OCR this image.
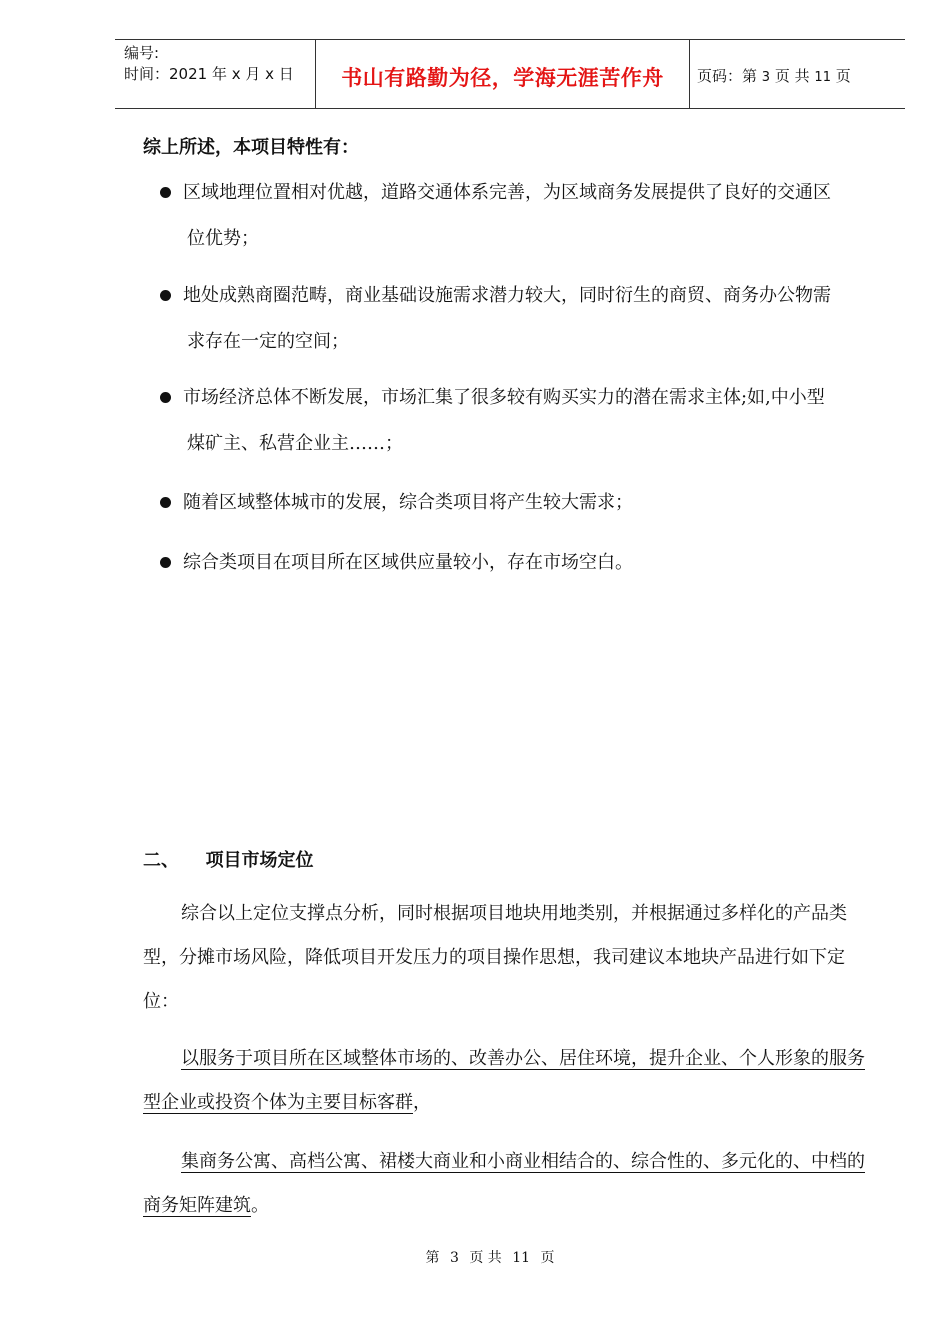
编号:
时间：2021 年 x 月 x 日	书山有路勤为径，学海无涯苦作舟	页码：第 3 页 共 11 页
综上所述，本项目特性有：
区域地理位置相对优越，道路交通体系完善，为区域商务发展提供了良好的交通区
位优势；
地处成熟商圈范畴，商业基础设施需求潜力较大，同时衍生的商贸、商务办公物需
求存在一定的空间；
市场经济总体不断发展，市场汇集了很多较有购买实力的潜在需求主体;如,中小型
煤矿主、私营企业主……；
随着区域整体城市的发展，综合类项目将产生较大需求；
综合类项目在项目所在区域供应量较小，存在市场空白。
二、 项目市场定位
综合以上定位支撑点分析，同时根据项目地块用地类别，并根据通过多样化的产品类型，分摊市场风险，降低项目开发压力的项目操作思想，我司建议本地块产品进行如下定位：
以服务于项目所在区域整体市场的、改善办公、居住环境，提升企业、个人形象的服务型企业或投资个体为主要目标客群，
集商务公寓、高档公寓、裙楼大商业和小商业相结合的、综合性的、多元化的、中档的商务矩阵建筑。
第 3 页 共 11 页
